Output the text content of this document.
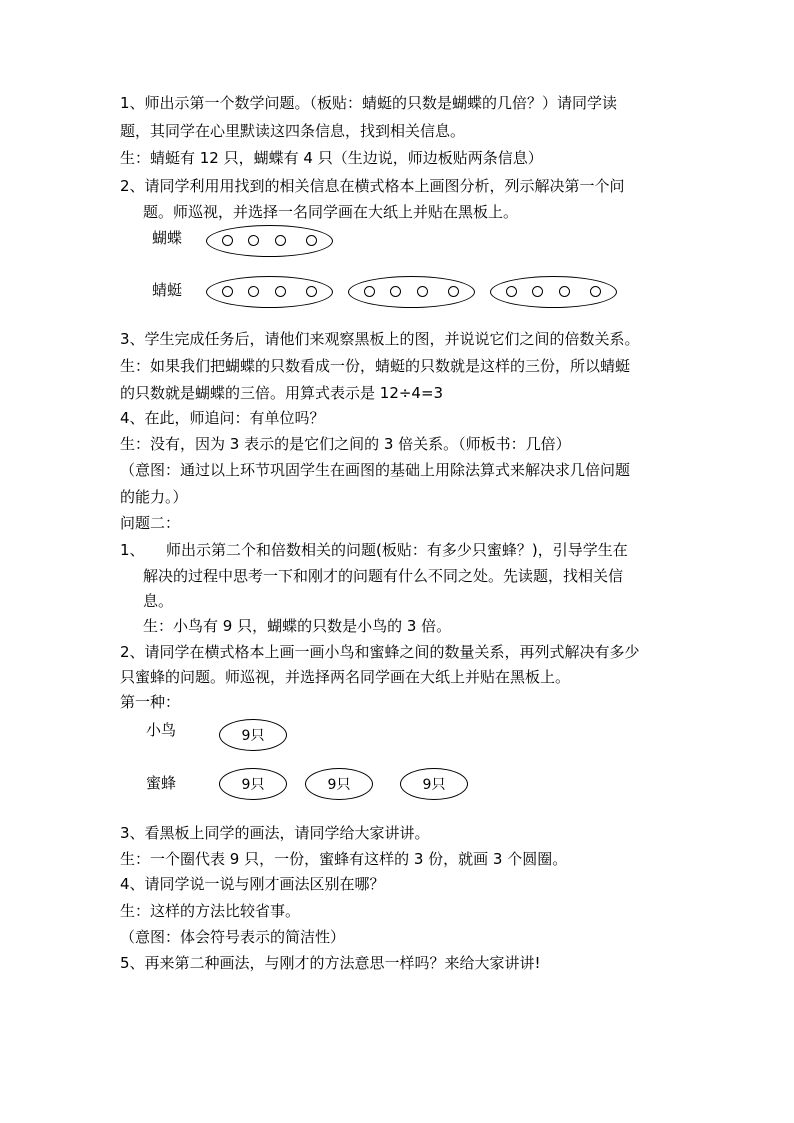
1、师出示第一个数学问题。（板贴：蜻蜓的只数是蝴蝶的几倍？）请同学读
题，其同学在心里默读这四条信息，找到相关信息。
生：蜻蜓有 12 只，蝴蝶有 4 只（生边说，师边板贴两条信息）
2、请同学利用用找到的相关信息在横式格本上画图分析，列示解决第一个问
题。师巡视，并选择一名同学画在大纸上并贴在黑板上。
蝴蝶
蜻蜓
3、学生完成任务后，请他们来观察黑板上的图，并说说它们之间的倍数关系。
生：如果我们把蝴蝶的只数看成一份，蜻蜓的只数就是这样的三份，所以蜻蜓
的只数就是蝴蝶的三倍。用算式表示是 12÷4=3
4、在此，师追问：有单位吗？
生：没有，因为 3 表示的是它们之间的 3 倍关系。（师板书：几倍）
（意图：通过以上环节巩固学生在画图的基础上用除法算式来解决求几倍问题
的能力。）
问题二：
1、 师出示第二个和倍数相关的问题(板贴：有多少只蜜蜂？)，引导学生在
解决的过程中思考一下和刚才的问题有什么不同之处。先读题，找相关信
息。
生：小鸟有 9 只，蝴蝶的只数是小鸟的 3 倍。
2、请同学在横式格本上画一画小鸟和蜜蜂之间的数量关系，再列式解决有多少
只蜜蜂的问题。师巡视，并选择两名同学画在大纸上并贴在黑板上。
第一种：
小鸟	9只
蜜蜂	9只	9只	9只
3、看黑板上同学的画法，请同学给大家讲讲。
生：一个圈代表 9 只，一份，蜜蜂有这样的 3 份，就画 3 个圆圈。
4、请同学说一说与刚才画法区别在哪？
生：这样的方法比较省事。
（意图：体会符号表示的简洁性）
5、再来第二种画法，与刚才的方法意思一样吗？来给大家讲讲!
